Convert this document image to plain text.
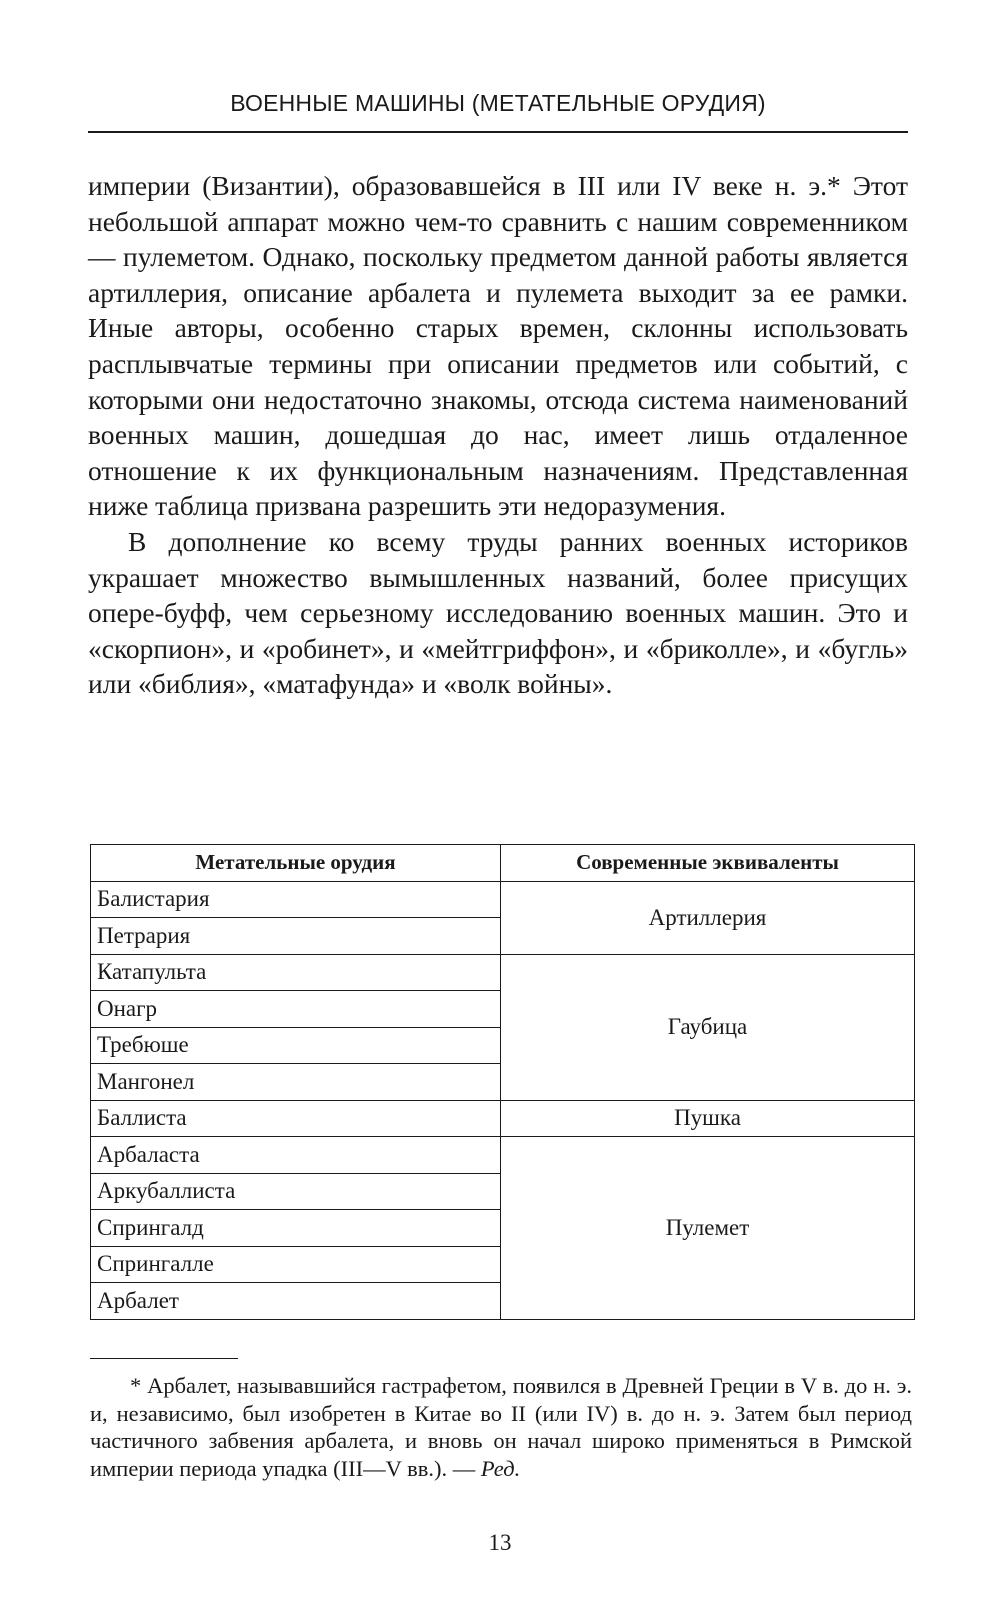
ВОЕННЫЕ МАШИНЫ (МЕТАТЕЛЬНЫЕ ОРУДИЯ)

империи (Византии), образовавшейся в III или IV веке н. э.* Этот небольшой аппарат можно чем-то сравнить с нашим современником — пулеметом. Однако, поскольку предметом данной работы является артиллерия, описание арбалета и пулемета выходит за ее рамки. Иные авторы, особенно старых времен, склонны использовать расплывчатые термины при описании предметов или событий, с которыми они недостаточно знакомы, отсюда система наименований военных машин, дошедшая до нас, имеет лишь отдаленное отношение к их функциональным назначениям. Представленная ниже таблица призвана разрешить эти недоразумения.

В дополнение ко всему труды ранних военных историков украшает множество вымышленных названий, более присущих опере-буфф, чем серьезному исследованию военных машин. Это и «скорпион», и «робинет», и «мейтгриффон», и «бриколле», и «бугль» или «библия», «матафунда» и «волк войны».

Метательные орудия	Современные эквиваленты
Балистария	Артиллерия
Петрария	
Катапульта	Гаубица
Онагр	
Требюше	
Мангонел	
Баллиста	Пушка
Арбаласта	Пулемет
Аркубаллиста	
Спрингалд	
Спрингалле	
Арбалет	

* Арбалет, называвшийся гастрафетом, появился в Древней Греции в V в. до н. э. и, независимо, был изобретен в Китае во II (или IV) в. до н. э. Затем был период частичного забвения арбалета, и вновь он начал широко применяться в Римской империи периода упадка (III—V вв.). — Ред.

13
